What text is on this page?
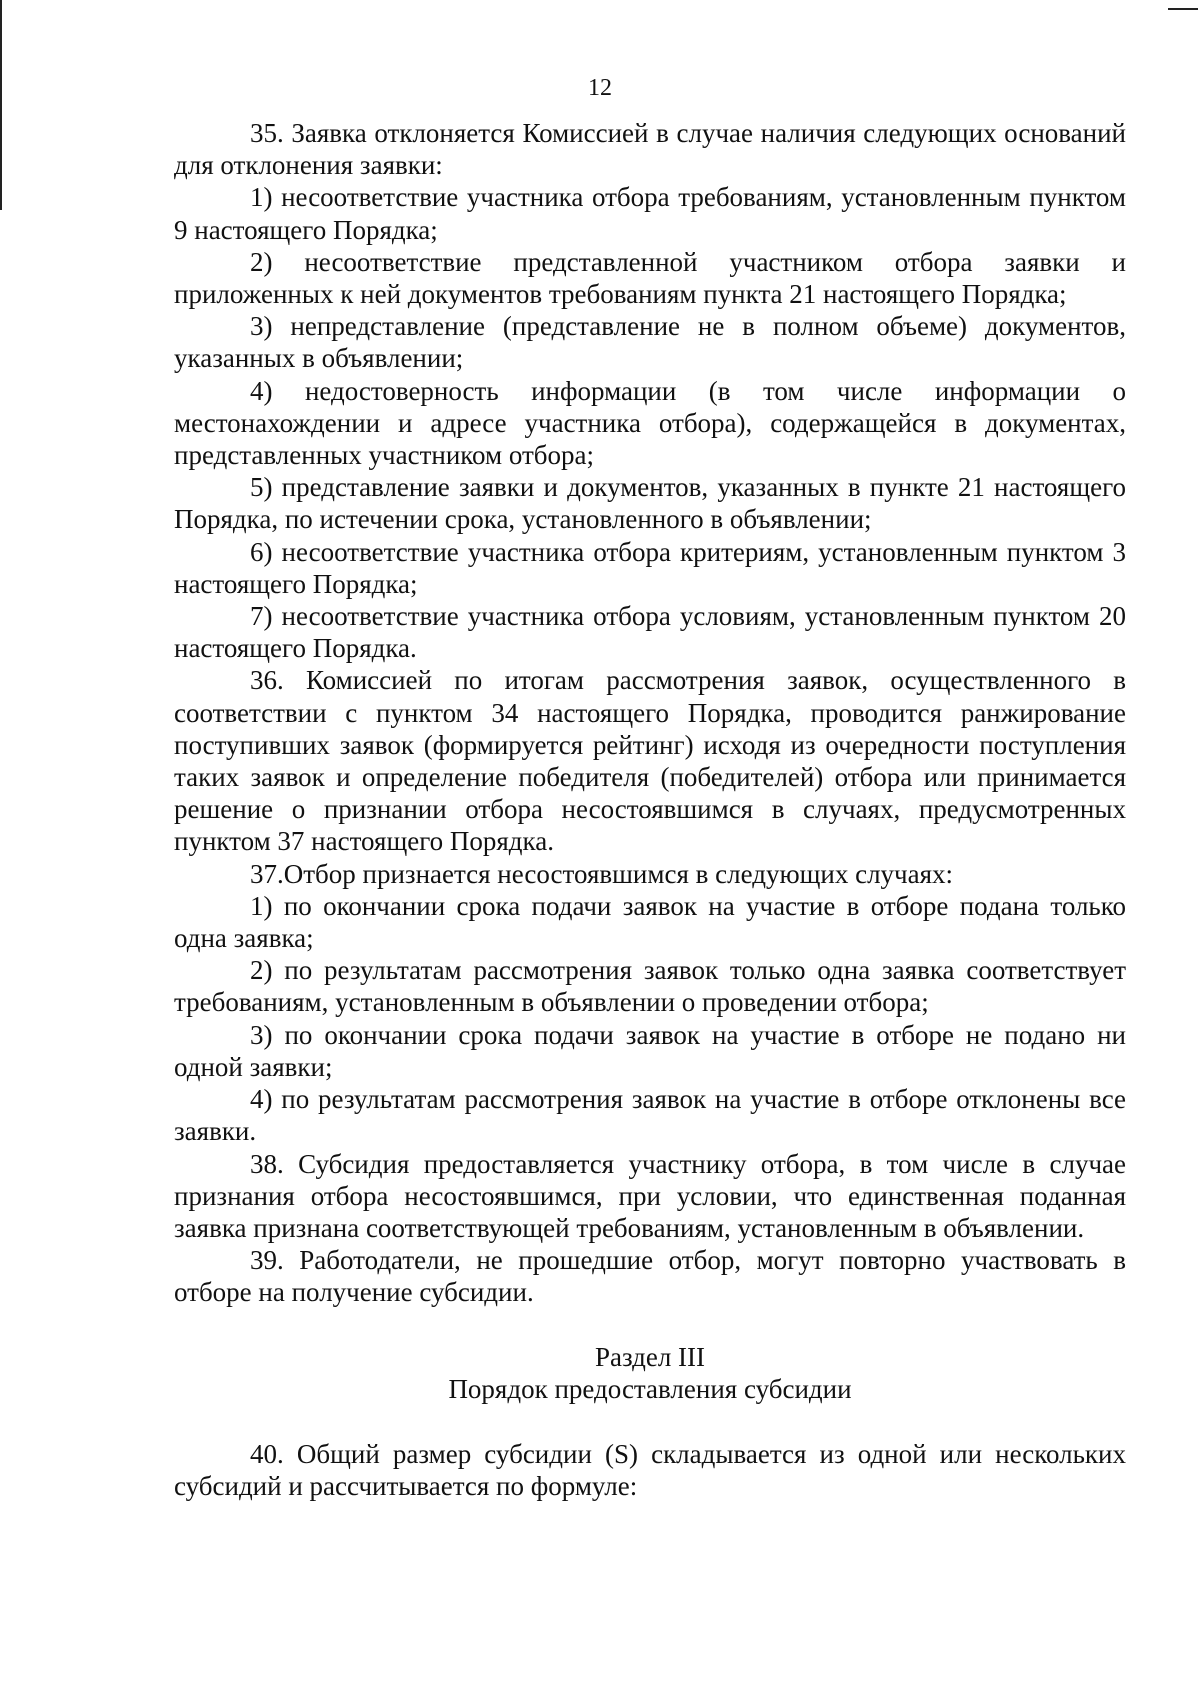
12

35. Заявка отклоняется Комиссией в случае наличия следующих оснований для отклонения заявки:

1) несоответствие участника отбора требованиям, установленным пунктом 9 настоящего Порядка;

2) несоответствие представленной участником отбора заявки и приложенных к ней документов требованиям пункта 21 настоящего Порядка;

3) непредставление (представление не в полном объеме) документов, указанных в объявлении;

4) недостоверность информации (в том числе информации о местонахождении и адресе участника отбора), содержащейся в документах, представленных участником отбора;

5) представление заявки и документов, указанных в пункте 21 настоящего Порядка, по истечении срока, установленного в объявлении;

6) несоответствие участника отбора критериям, установленным пунктом 3 настоящего Порядка;

7) несоответствие участника отбора условиям, установленным пунктом 20 настоящего Порядка.

36. Комиссией по итогам рассмотрения заявок, осуществленного в соответствии с пунктом 34 настоящего Порядка, проводится ранжирование поступивших заявок (формируется рейтинг) исходя из очередности поступления таких заявок и определение победителя (победителей) отбора или принимается решение о признании отбора несостоявшимся в случаях, предусмотренных пунктом 37 настоящего Порядка.

37.Отбор признается несостоявшимся в следующих случаях:

1) по окончании срока подачи заявок на участие в отборе подана только одна заявка;

2) по результатам рассмотрения заявок только одна заявка соответствует требованиям, установленным в объявлении о проведении отбора;

3) по окончании срока подачи заявок на участие в отборе не подано ни одной заявки;

4) по результатам рассмотрения заявок на участие в отборе отклонены все заявки.

38. Субсидия предоставляется участнику отбора, в том числе в случае признания отбора несостоявшимся, при условии, что единственная поданная заявка признана соответствующей требованиям, установленным в объявлении.

39. Работодатели, не прошедшие отбор, могут повторно участвовать в отборе на получение субсидии.

Раздел III

Порядок предоставления субсидии

40. Общий размер субсидии (S) складывается из одной или нескольких субсидий и рассчитывается по формуле:
